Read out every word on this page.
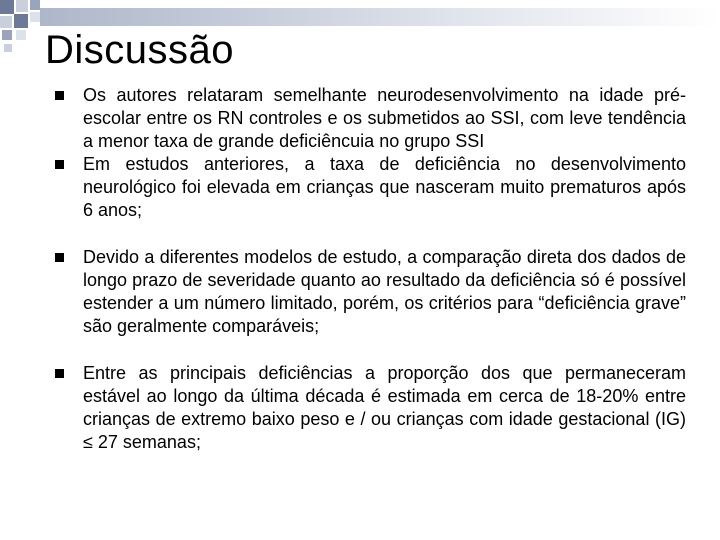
Discussão
Os autores relataram semelhante neurodesenvolvimento na idade pré-escolar entre os RN controles e os submetidos ao SSI, com leve tendência a menor taxa de grande deficiêncuia no grupo SSI
Em estudos anteriores, a taxa de deficiência no desenvolvimento neurológico foi elevada em crianças que nasceram muito prematuros após 6 anos;
Devido a diferentes modelos de estudo, a comparação direta dos dados de longo prazo de severidade quanto ao resultado da deficiência só é possível estender a um número limitado, porém, os critérios para “deficiência grave” são geralmente comparáveis;
Entre as principais deficiências a proporção dos que permaneceram estável ao longo da última década é estimada em cerca de 18-20% entre crianças de extremo baixo peso e / ou crianças com idade gestacional (IG) ≤ 27 semanas;
